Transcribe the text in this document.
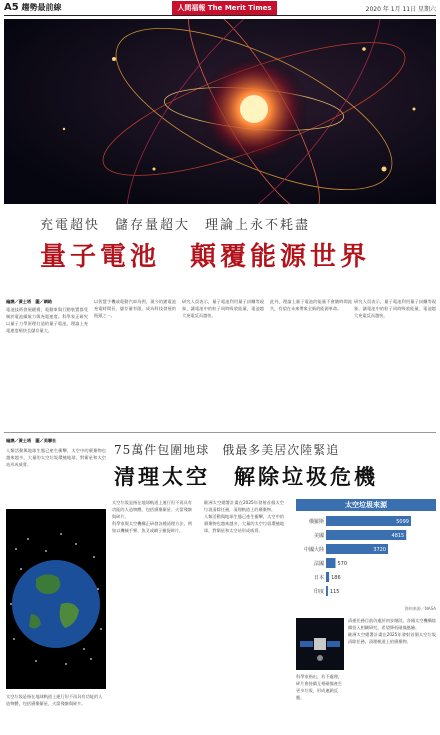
A5 趨勢最前線	人間福報 The Merit Times	2020 年 1月 11日 星期六
充電超快　儲存量超大　理論上永不耗盡
量子電池　顛覆能源世界

編譯／黃士塔　圖／網路

電池技術發展緩慢，電動車與行動裝置都受制於電池續航力與充電速度。科學家正研究以量子力學原理打造的量子電池，理論上充電速度極快且儲存量大。

以智慧手機或電動汽車為例，現今的鋰電池充電時間長、儲存量有限，成為科技發展的瓶頸之一。

研究人員表示，量子電池利用量子糾纏等現象，讓電池中的粒子同時吸收能量，電池越大充電反而越快。

此外，理論上量子電池的能量不會隨時間流失，有望在未來帶來全新的能源革命。

研究人員表示，量子電池利用量子糾纏等現象，讓電池中的粒子同時吸收能量，電池越大充電反而越快。

編譯／黃士塔　圖／美聯社

人類活動與地球生態已產生衝擊，太空中的廢棄物也越來越多，大量的太空垃圾環繞地球，對衛星和太空站形成威脅。

75萬件包圍地球　俄最多美居次陸緊追
清理太空　解除垃圾危機

太空垃圾是指在地球軌道上運行但不再具有功能的人造物體，包括廢棄衛星、火箭殘骸與碎片。

太空垃圾是指在地球軌道上運行但不再具有功能的人造物體，包括廢棄衛星、火箭殘骸與碎片。

科學家與太空機構正研發各種清理方法，例如以機械手臂、魚叉或網子捕捉碎片。

歐洲太空總署計畫在2025年發射首個太空垃圾清除任務，清理軌道上的廢棄物。

人類活動與地球生態已產生衝擊，太空中的廢棄物也越來越多，大量的太空垃圾環繞地球，對衛星和太空站形成威脅。

太空垃圾來源
俄羅斯	5099
美國	4815
中國大陸	3720
法國	570
日本 186
印度 115
資料來源／NASA

科學家指出，若不處理，碎片會持續互相碰撞產生更多垃圾，形成連鎖反應。

清運任務目前仍處於初步階段，各國太空機構陸續投入相關研究，希望降低碰撞風險。

歐洲太空總署計畫在2025年發射首個太空垃圾清除任務，清理軌道上的廢棄物。
